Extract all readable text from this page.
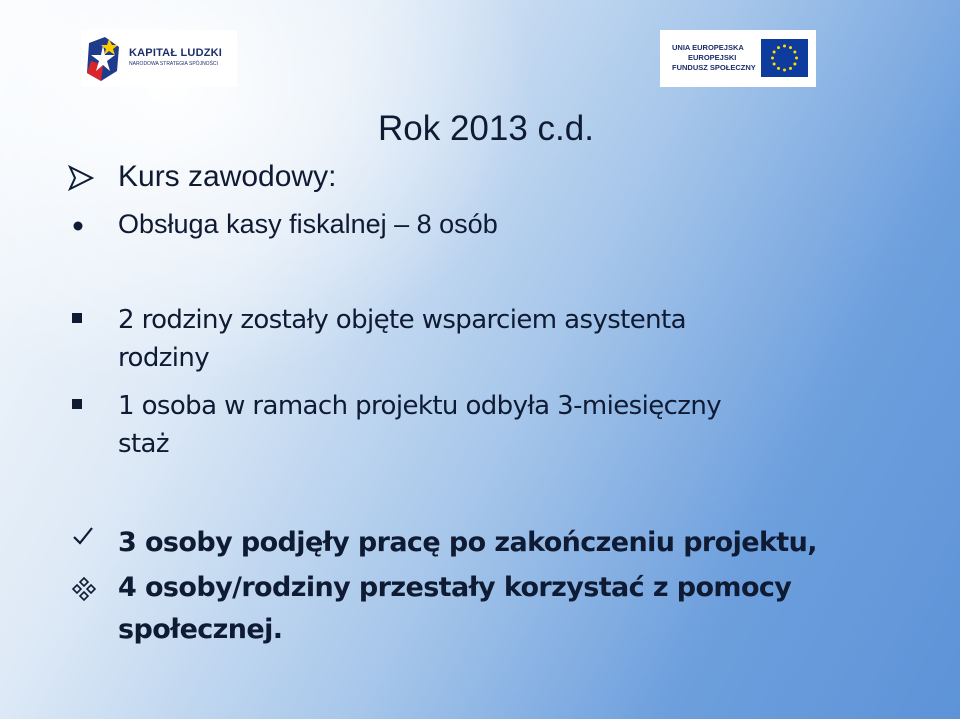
KAPITAŁ LUDZKI
NARODOWA STRATEGIA SPÓJNOŚCI
UNIA EUROPEJSKA
EUROPEJSKI
FUNDUSZ SPOŁECZNY
Rok 2013 c.d.
Kurs zawodowy:
Obsługa kasy fiskalnej – 8 osób
2 rodziny zostały objęte wsparciem asystenta
rodziny
1 osoba w ramach projektu odbyła 3-miesięczny
staż
3 osoby podjęły pracę po zakończeniu projektu,
4 osoby/rodziny przestały korzystać z pomocy
społecznej.
